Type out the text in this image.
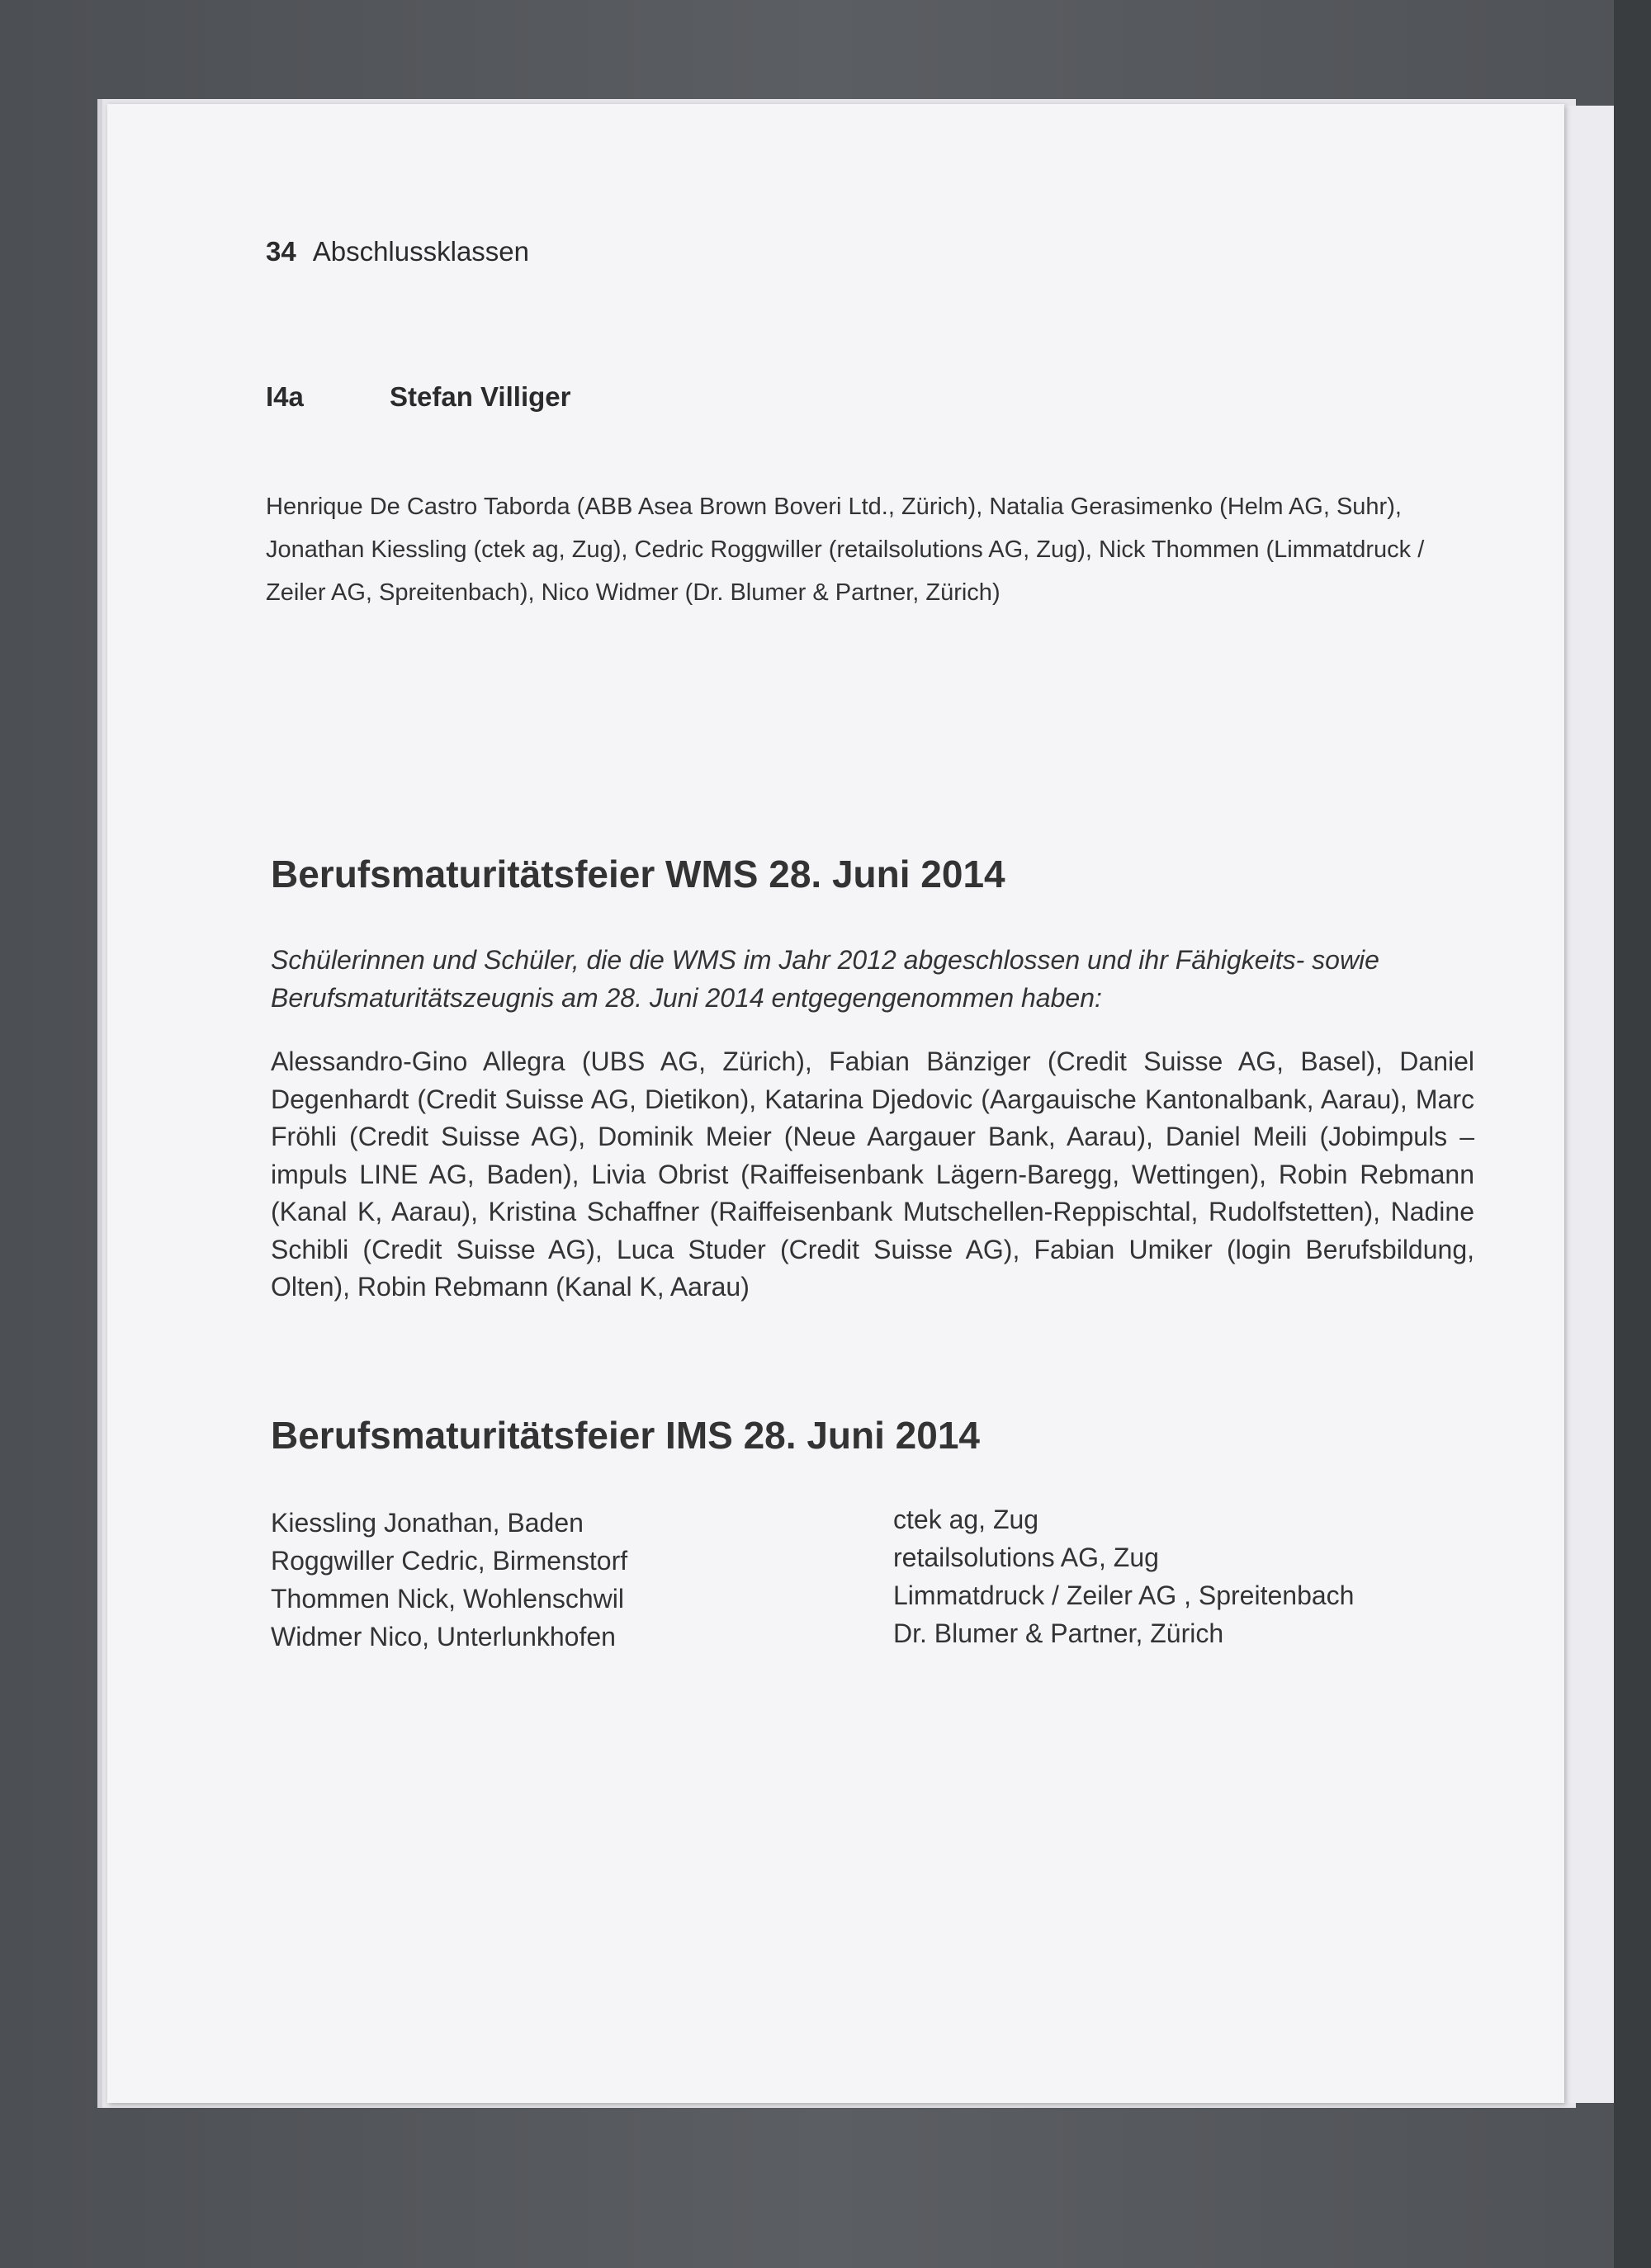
34 Abschlussklassen
I4a	Stefan Villiger

Henrique De Castro Taborda (ABB Asea Brown Boveri Ltd., Zürich), Natalia Gerasimenko (Helm AG, Suhr), Jonathan Kiessling (ctek ag, Zug), Cedric Roggwiller (retailsolutions AG, Zug), Nick Thommen (Limmatdruck / Zeiler AG, Spreitenbach), Nico Widmer (Dr. Blumer & Partner, Zürich)

Berufsmaturitätsfeier WMS 28. Juni 2014

Schülerinnen und Schüler, die die WMS im Jahr 2012 abgeschlossen und ihr Fähigkeits- sowie Berufsmaturitätszeugnis am 28. Juni 2014 entgegengenommen haben:

Alessandro-Gino Allegra (UBS AG, Zürich), Fabian Bänziger (Credit Suisse AG, Basel), Daniel Degenhardt (Credit Suisse AG, Dietikon), Katarina Djedovic (Aargauische Kantonalbank, Aarau), Marc Fröhli (Credit Suisse AG), Dominik Meier (Neue Aargauer Bank, Aarau), Daniel Meili (Jobimpuls – impuls LINE AG, Baden), Livia Obrist (Raiffeisenbank Lägern-Baregg, Wettingen), Robin Rebmann (Kanal K, Aarau), Kristina Schaffner (Raiffeisenbank Mutschellen-Reppischtal, Rudolfstetten), Nadine Schibli (Credit Suisse AG), Luca Studer (Credit Suisse AG), Fabian Umiker (login Berufsbildung, Olten), Robin Rebmann (Kanal K, Aarau)

Berufsmaturitätsfeier IMS 28. Juni 2014
Kiessling Jonathan, Baden
Roggwiller Cedric, Birmenstorf
Thommen Nick, Wohlenschwil
Widmer Nico, Unterlunkhofen
ctek ag, Zug
retailsolutions AG, Zug
Limmatdruck / Zeiler AG , Spreitenbach
Dr. Blumer & Partner, Zürich
